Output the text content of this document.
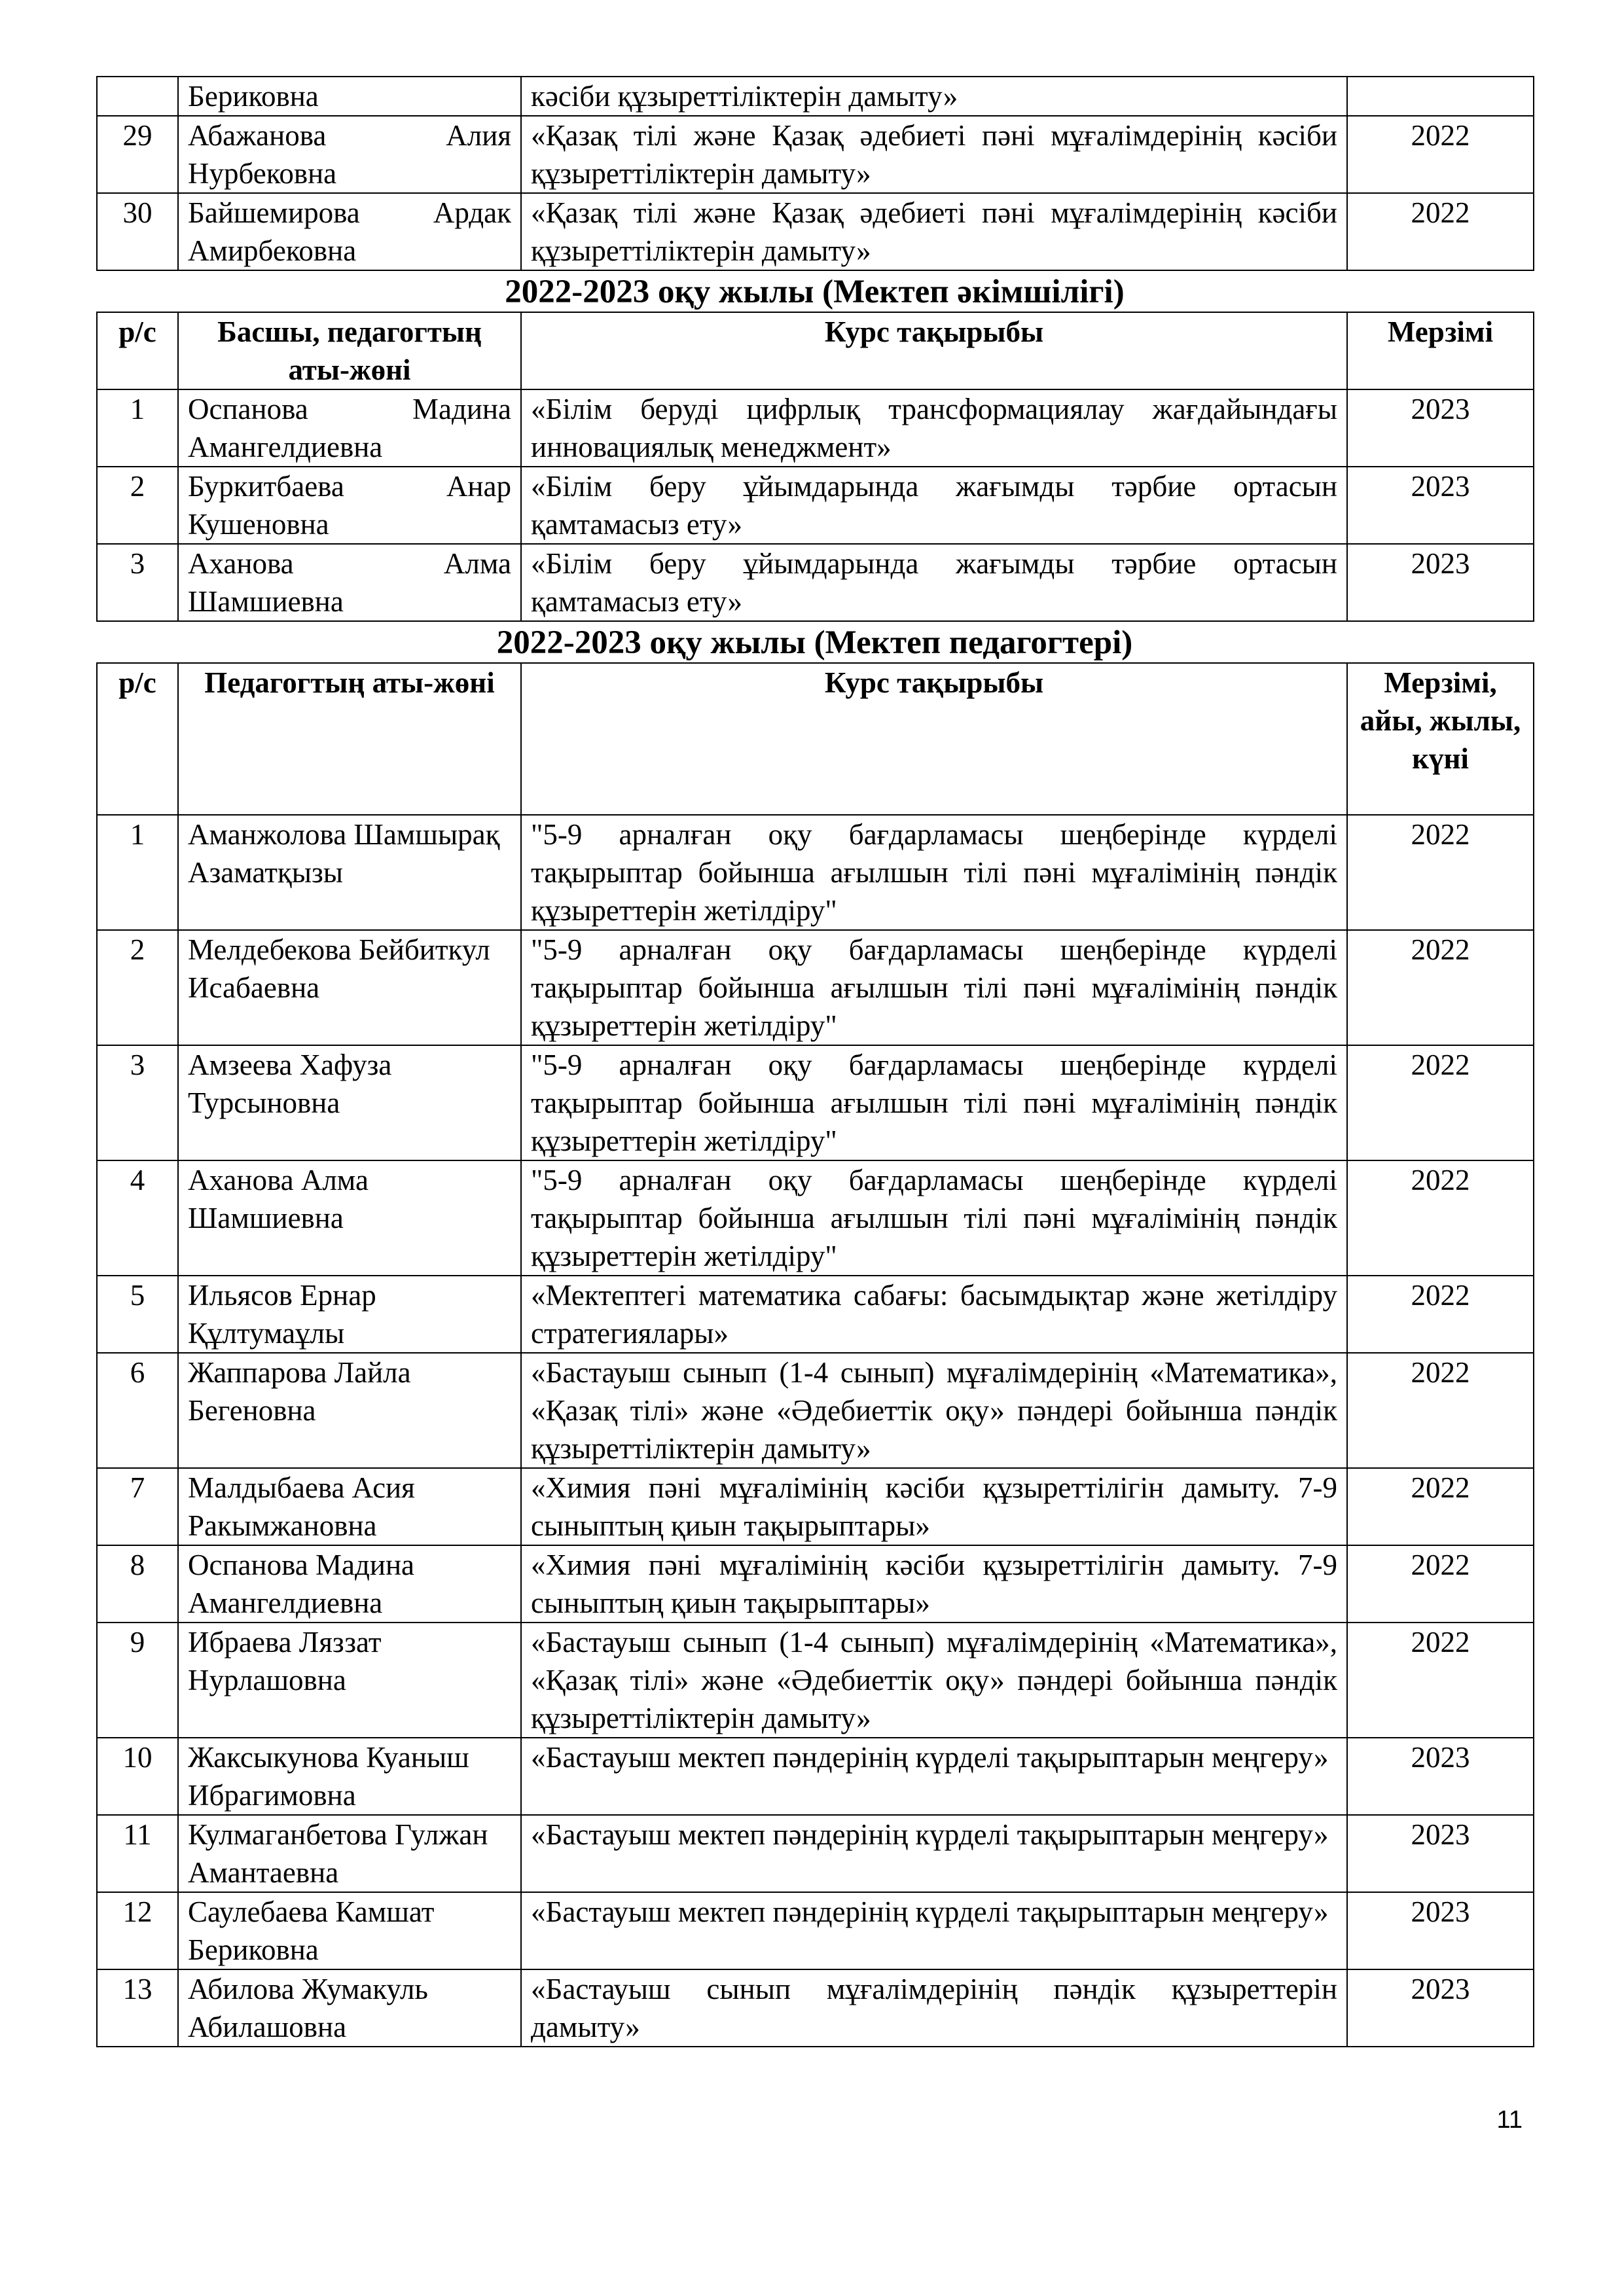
	Бериковна	кәсіби құзыреттіліктерін дамыту»	
29	Абажанова Алия Нурбековна	«Қазақ тілі және Қазақ әдебиеті пәні мұғалімдерінің кәсіби құзыреттіліктерін дамыту»	2022
30	Байшемирова Ардак Амирбековна	«Қазақ тілі және Қазақ әдебиеті пәні мұғалімдерінің кәсіби құзыреттіліктерін дамыту»	2022
2022-2023 оқу жылы (Мектеп әкімшілігі)
р/с	Басшы, педагогтың аты-жөні	Курс тақырыбы	Мерзімі
1	Оспанова Мадина Амангелдиевна	«Білім беруді цифрлық трансформациялау жағдайындағы инновациялық менеджмент»	2023
2	Буркитбаева Анар Кушеновна	«Білім беру ұйымдарында жағымды тәрбие ортасын қамтамасыз ету»	2023
3	Аханова Алма Шамшиевна	«Білім беру ұйымдарында жағымды тәрбие ортасын қамтамасыз ету»	2023
2022-2023 оқу жылы (Мектеп педагогтері)
р/с	Педагогтың аты-жөні	Курс тақырыбы	Мерзімі, айы, жылы, күні
1	Аманжолова Шамшырақ Азаматқызы	"5-9 арналған оқу бағдарламасы шеңберінде күрделі тақырыптар бойынша ағылшын тілі пәні мұғалімінің пәндік құзыреттерін жетілдіру"	2022
2	Мелдебекова Бейбиткул Исабаевна	"5-9 арналған оқу бағдарламасы шеңберінде күрделі тақырыптар бойынша ағылшын тілі пәні мұғалімінің пәндік құзыреттерін жетілдіру"	2022
3	Амзеева Хафуза Турсыновна	"5-9 арналған оқу бағдарламасы шеңберінде күрделі тақырыптар бойынша ағылшын тілі пәні мұғалімінің пәндік құзыреттерін жетілдіру"	2022
4	Аханова Алма Шамшиевна	"5-9 арналған оқу бағдарламасы шеңберінде күрделі тақырыптар бойынша ағылшын тілі пәні мұғалімінің пәндік құзыреттерін жетілдіру"	2022
5	Ильясов Ернар Құлтумаұлы	«Мектептегі математика сабағы: басымдықтар және жетілдіру стратегиялары»	2022
6	Жаппарова Лайла Бегеновна	«Бастауыш сынып (1-4 сынып) мұғалімдерінің «Математика», «Қазақ тілі» және «Әдебиеттік оқу» пәндері бойынша пәндік құзыреттіліктерін дамыту»	2022
7	Малдыбаева Асия Ракымжановна	«Химия пәні мұғалімінің кәсіби құзыреттілігін дамыту. 7-9 сыныптың қиын тақырыптары»	2022
8	Оспанова Мадина Амангелдиевна	«Химия пәні мұғалімінің кәсіби құзыреттілігін дамыту. 7-9 сыныптың қиын тақырыптары»	2022
9	Ибраева Ляззат Нурлашовна	«Бастауыш сынып (1-4 сынып) мұғалімдерінің «Математика», «Қазақ тілі» және «Әдебиеттік оқу» пәндері бойынша пәндік құзыреттіліктерін дамыту»	2022
10	Жаксыкунова Куаныш Ибрагимовна	«Бастауыш мектеп пәндерінің күрделі тақырыптарын меңгеру»	2023
11	Кулмаганбетова Гулжан Амантаевна	«Бастауыш мектеп пәндерінің күрделі тақырыптарын меңгеру»	2023
12	Саулебаева Камшат Бериковна	«Бастауыш мектеп пәндерінің күрделі тақырыптарын меңгеру»	2023
13	Абилова Жумакуль Абилашовна	«Бастауыш сынып мұғалімдерінің пәндік құзыреттерін дамыту»	2023
11
